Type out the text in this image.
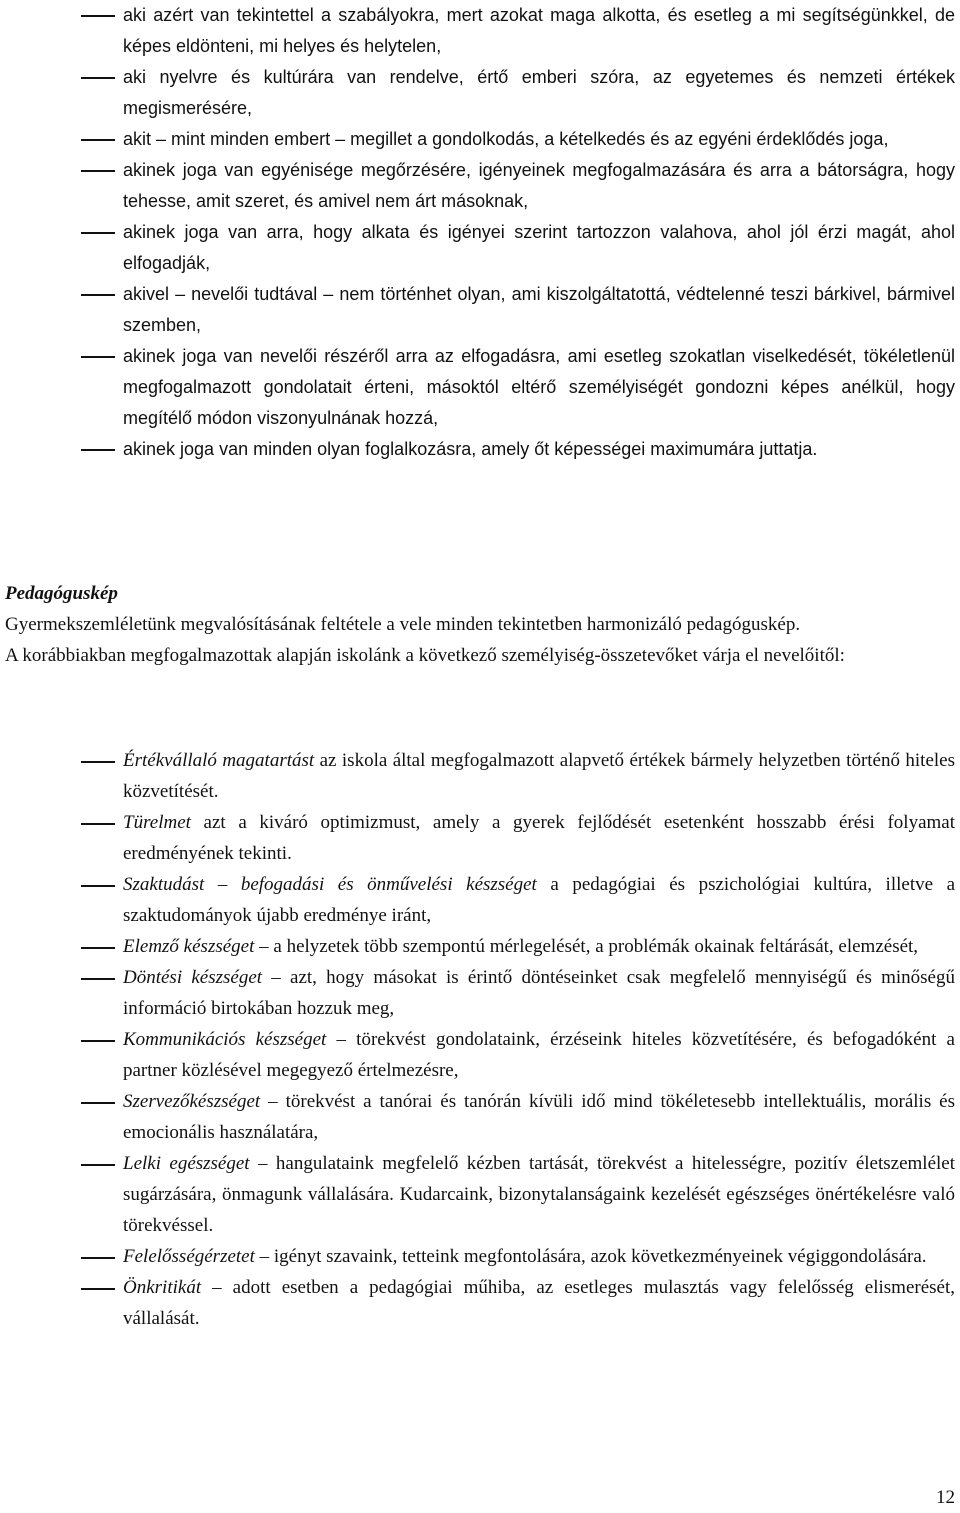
aki azért van tekintettel a szabályokra, mert azokat maga alkotta, és esetleg a mi segítségünkkel, de képes eldönteni, mi helyes és helytelen,
aki nyelvre és kultúrára van rendelve, értő emberi szóra, az egyetemes és nemzeti értékek megismerésére,
akit – mint minden embert – megillet a gondolkodás, a kételkedés és az egyéni érdeklődés joga,
akinek joga van egyénisége megőrzésére, igényeinek megfogalmazására és arra a bátorságra, hogy tehesse, amit szeret, és amivel nem árt másoknak,
akinek joga van arra, hogy alkata és igényei szerint tartozzon valahova, ahol jól érzi magát, ahol elfogadják,
akivel – nevelői tudtával – nem történhet olyan, ami kiszolgáltatottá, védtelenné teszi bárkivel, bármivel szemben,
akinek joga van nevelői részéről arra az elfogadásra, ami esetleg szokatlan viselkedését, tökéletlenül megfogalmazott gondolatait érteni, másoktól eltérő személyiségét gondozni képes anélkül, hogy megítélő módon viszonyulnának hozzá,
akinek joga van minden olyan foglalkozásra, amely őt képességei maximumára juttatja.

Pedagóguskép

Gyermekszemléletünk megvalósításának feltétele a vele minden tekintetben harmonizáló pedagóguskép.

A korábbiakban megfogalmazottak alapján iskolánk a következő személyiség-összetevőket várja el nevelőitől:

Értékvállaló magatartást az iskola által megfogalmazott alapvető értékek bármely helyzetben történő hiteles közvetítését.
Türelmet azt a kiváró optimizmust, amely a gyerek fejlődését esetenként hosszabb érési folyamat eredményének tekinti.
Szaktudást – befogadási és önművelési készséget a pedagógiai és pszichológiai kultúra, illetve a szaktudományok újabb eredménye iránt,
Elemző készséget – a helyzetek több szempontú mérlegelését, a problémák okainak feltárását, elemzését,
Döntési készséget – azt, hogy másokat is érintő döntéseinket csak megfelelő mennyiségű és minőségű információ birtokában hozzuk meg,
Kommunikációs készséget – törekvést gondolataink, érzéseink hiteles közvetítésére, és befogadóként a partner közlésével megegyező értelmezésre,
Szervezőkészséget – törekvést a tanórai és tanórán kívüli idő mind tökéletesebb intellektuális, morális és emocionális használatára,
Lelki egészséget – hangulataink megfelelő kézben tartását, törekvést a hitelességre, pozitív életszemlélet sugárzására, önmagunk vállalására. Kudarcaink, bizonytalanságaink kezelését egészséges önértékelésre való törekvéssel.
Felelősségérzetet – igényt szavaink, tetteink megfontolására, azok következményeinek végiggondolására.
Önkritikát – adott esetben a pedagógiai műhiba, az esetleges mulasztás vagy felelősség elismerését, vállalását.
12
